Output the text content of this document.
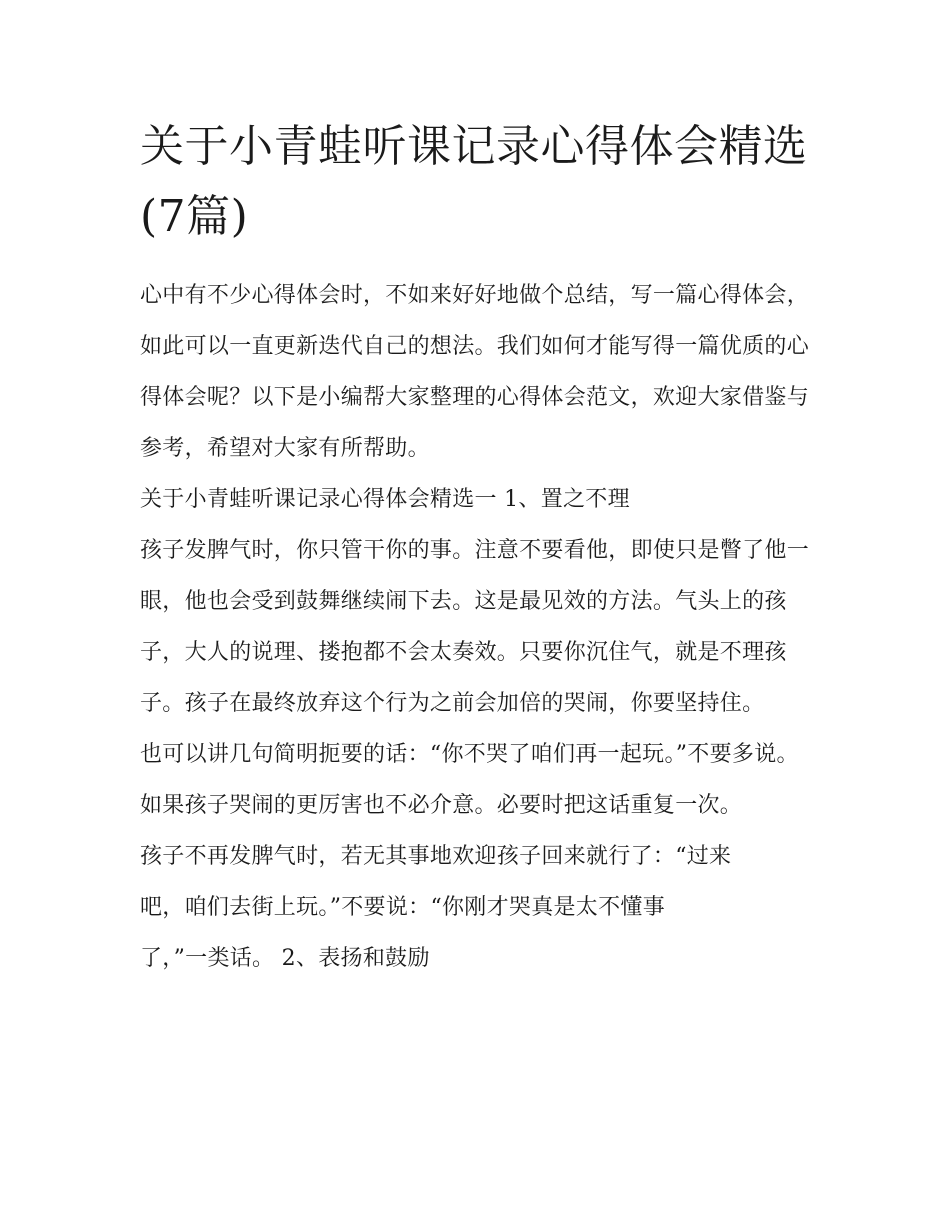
关于小青蛙听课记录心得体会精选(7篇)

心中有不少心得体会时，不如来好好地做个总结，写一篇心得体会，如此可以一直更新迭代自己的想法。我们如何才能写得一篇优质的心得体会呢？以下是小编帮大家整理的心得体会范文，欢迎大家借鉴与参考，希望对大家有所帮助。

关于小青蛙听课记录心得体会精选一 1、置之不理

孩子发脾气时，你只管干你的事。注意不要看他，即使只是瞥了他一眼，他也会受到鼓舞继续闹下去。这是最见效的方法。气头上的孩子，大人的说理、搂抱都不会太奏效。只要你沉住气，就是不理孩子。孩子在最终放弃这个行为之前会加倍的哭闹，你要坚持住。

也可以讲几句简明扼要的话：“你不哭了咱们再一起玩。”不要多说。如果孩子哭闹的更厉害也不必介意。必要时把这话重复一次。

孩子不再发脾气时，若无其事地欢迎孩子回来就行了：“过来
吧，咱们去街上玩。”不要说：“你刚才哭真是太不懂事
了，”一类话。 2、表扬和鼓励
